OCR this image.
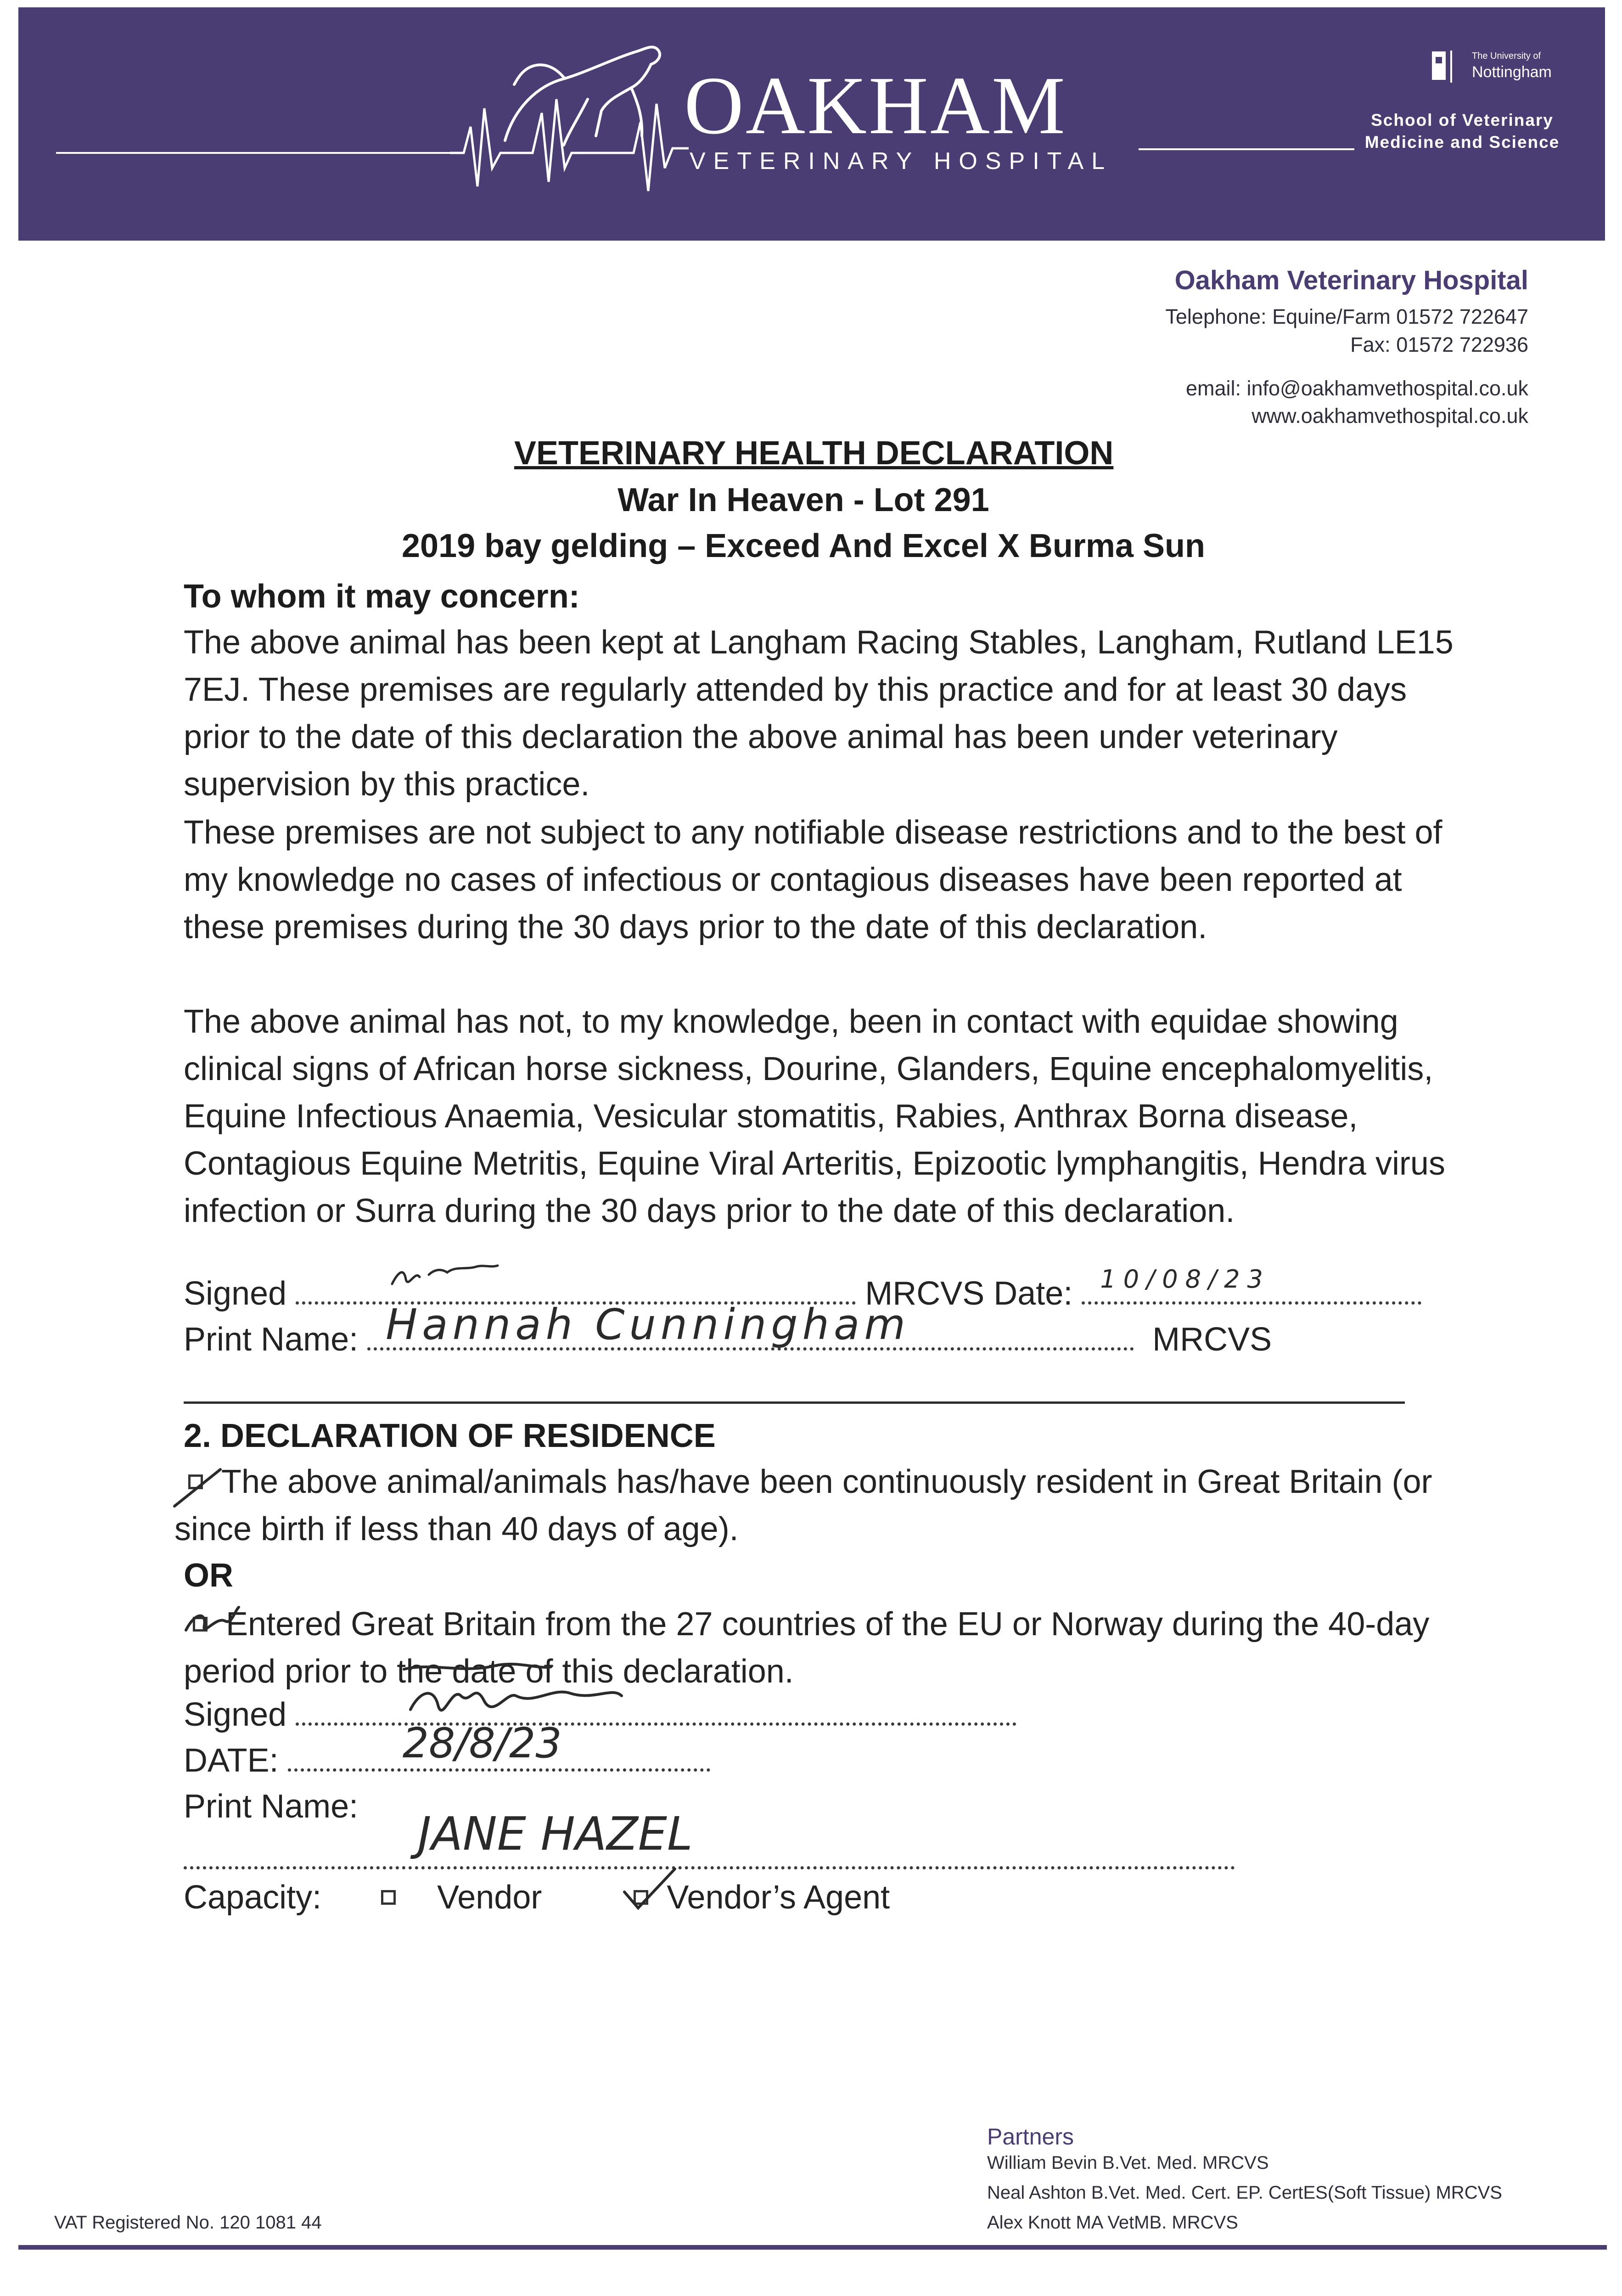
OAKHAM
VETERINARY HOSPITAL
The University of
Nottingham
School of Veterinary
Medicine and Science
Oakham Veterinary Hospital
Telephone: Equine/Farm 01572 722647
Fax: 01572 722936
email: info@oakhamvethospital.co.uk
www.oakhamvethospital.co.uk
VETERINARY HEALTH DECLARATION
War In Heaven - Lot 291
2019 bay gelding – Exceed And Excel X Burma Sun
To whom it may concern:
The above animal has been kept at Langham Racing Stables, Langham, Rutland LE15 7EJ. These premises are regularly attended by this practice and for at least 30 days prior to the date of this declaration the above animal has been under veterinary supervision by this practice.
These premises are not subject to any notifiable disease restrictions and to the best of my knowledge no cases of infectious or contagious diseases have been reported at these premises during the 30 days prior to the date of this declaration.
The above animal has not, to my knowledge, been in contact with equidae showing clinical signs of African horse sickness, Dourine, Glanders, Equine encephalomyelitis, Equine Infectious Anaemia, Vesicular stomatitis, Rabies, Anthrax Borna disease, Contagious Equine Metritis, Equine Viral Arteritis, Epizootic lymphangitis, Hendra virus infection or Surra during the 30 days prior to the date of this declaration.
Signed	MRCVS Date: 10/08/23
Print Name: Hannah Cunningham	MRCVS
2. DECLARATION OF RESIDENCE
The above animal/animals has/have been continuously resident in Great Britain (or since birth if less than 40 days of age).
OR
Entered Great Britain from the 27 countries of the EU or Norway during the 40-day period prior to the date of this declaration.
Signed
DATE:	28/8/23
Print Name:
JANE HAZEL
Capacity:	Vendor	Vendor’s Agent
Partners
William Bevin B.Vet. Med. MRCVS
Neal Ashton B.Vet. Med. Cert. EP. CertES(Soft Tissue) MRCVS
Alex Knott MA VetMB. MRCVS
VAT Registered No. 120 1081 44
